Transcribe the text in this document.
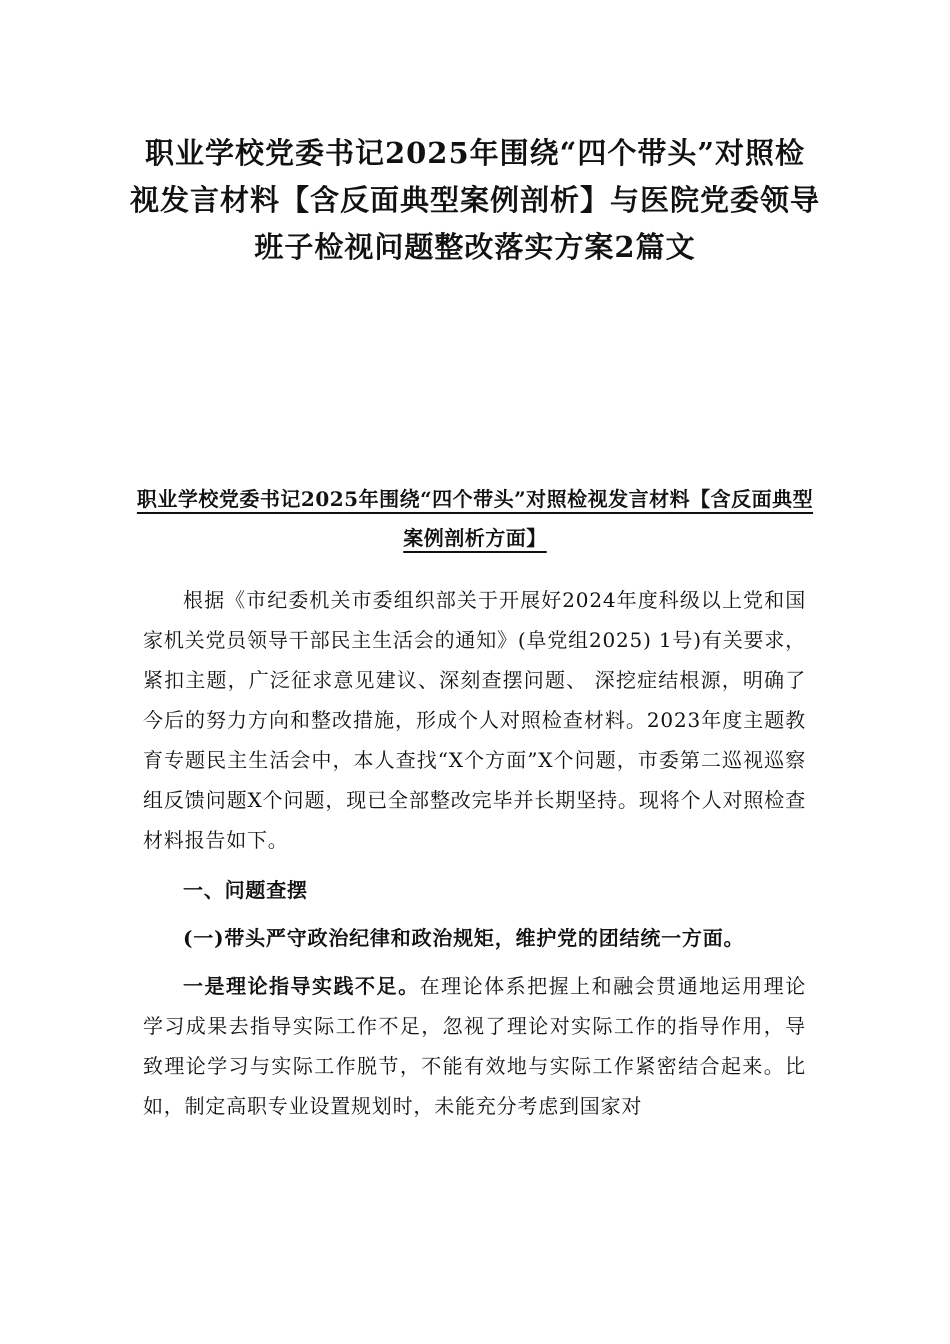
职业学校党委书记2025年围绕“四个带头”对照检视发言材料【含反面典型案例剖析】与医院党委领导班子检视问题整改落实方案2篇文
职业学校党委书记2025年围绕“四个带头”对照检视发言材料【含反面典型案例剖析方面】

根据《市纪委机关市委组织部关于开展好2024年度科级以上党和国家机关党员领导干部民主生活会的通知》(阜党组2025) 1号)有关要求，紧扣主题，广泛征求意见建议、深刻查摆问题、 深挖症结根源，明确了今后的努力方向和整改措施，形成个人对照检查材料。2023年度主题教育专题民主生活会中，本人查找“X个方面”X个问题，市委第二巡视巡察组反馈问题X个问题，现已全部整改完毕并长期坚持。现将个人对照检查材料报告如下。

一、问题查摆

(一)带头严守政治纪律和政治规矩，维护党的团结统一方面。

一是理论指导实践不足。在理论体系把握上和融会贯通地运用理论学习成果去指导实际工作不足，忽视了理论对实际工作的指导作用，导致理论学习与实际工作脱节，不能有效地与实际工作紧密结合起来。比如，制定高职专业设置规划时，未能充分考虑到国家对
